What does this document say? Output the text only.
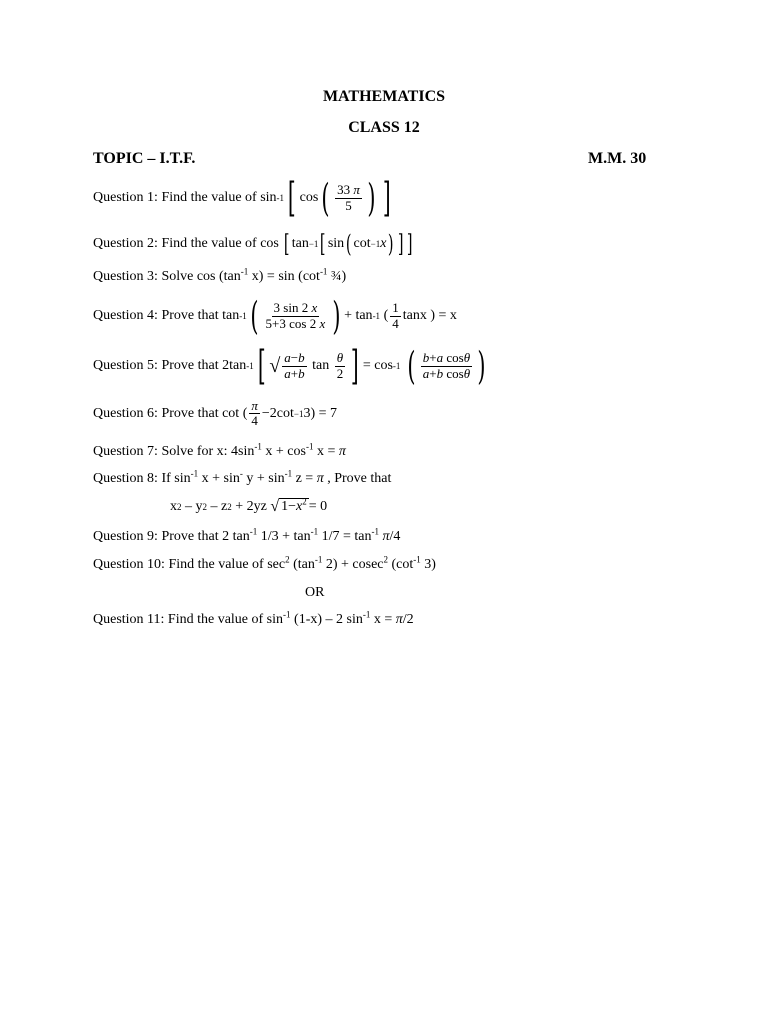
MATHEMATICS
CLASS 12
TOPIC – I.T.F.	M.M. 30
Question 1: Find the value of sin -1 [ cos ( $\frac{33 \pi}{5}$ ) ]
Question 2: Find the value of cos
[ tan −1 [ sin ( cot −1 x ) ] ]
Question 3: Solve $\cos (\tan^{-1}$ $x) = \sin (\cot^{-1}$ ¾)
Question 4: Prove that tan -1 ( $\frac{3 \sin 2 x}{5+3 \cos 2 x}$ ) + tan -1 ( $\frac{1}{4}$ tanx ) = x
Question 5: Prove that 2tan -1 [ √ $\frac{a-b}{a+b}$ $\tan \frac{\theta}{2}$ ] = cos -1
( $\frac{\text{b+a cosθ}}{\text{a+b cosθ}}$ )
Question 6: Prove that cot ( $\frac{\pi}{4} -2\cot -1$ 3 ) = 7
Question 7: Solve for x: $4\sin^{-1}$ $x + \cos^{-1} x = \pi$
Question 8: If $\sin^{-1} x + \sin^- y + \sin^{-1} z = \pi$ , Prove that
x 2
– y 2
– z 2
+ 2yz
√ $1-x^2 = 0$
Question 9: Prove that 2 $\tan^{-1} 1/3 + \tan^{-1} 1/7 = \tan^{-1} \pi/4$
Question 10: Find the value of $\sec^2 (\tan^{-1}$ 2) + cosec$^2$ ($\cot^{-1}$ 3)
OR
Question 11: Find the value of $\sin^{-1} (1-x) - 2$ $\sin^{-1} x = \pi/2$
